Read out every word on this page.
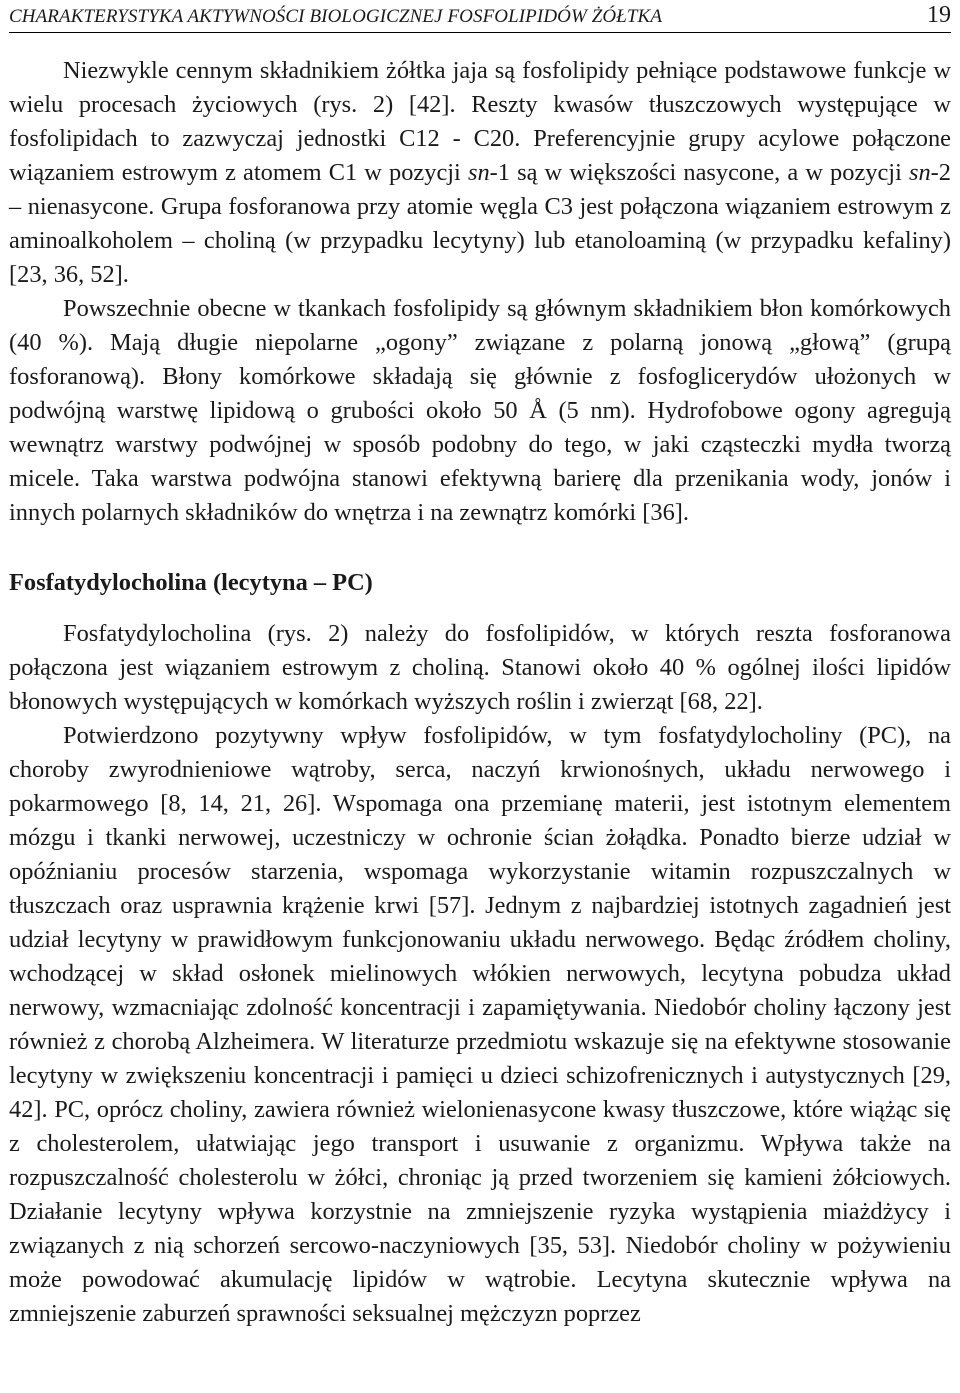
CHARAKTERYSTYKA AKTYWNOŚCI BIOLOGICZNEJ FOSFOLIPIDÓW ŻÓŁTKA	19

Niezwykle cennym składnikiem żółtka jaja są fosfolipidy pełniące podstawowe funkcje w wielu procesach życiowych (rys. 2) [42]. Reszty kwasów tłuszczowych występujące w fosfolipidach to zazwyczaj jednostki C12 - C20. Preferencyjnie grupy acylowe połączone wiązaniem estrowym z atomem C1 w pozycji sn-1 są w większości nasycone, a w pozycji sn-2 – nienasycone. Grupa fosforanowa przy atomie węgla C3 jest połączona wiązaniem estrowym z aminoalkoholem – choliną (w przypadku lecytyny) lub etanoloaminą (w przypadku kefaliny) [23, 36, 52].

Powszechnie obecne w tkankach fosfolipidy są głównym składnikiem błon komórkowych (40 %). Mają długie niepolarne „ogony” związane z polarną jonową „głową” (grupą fosforanową). Błony komórkowe składają się głównie z fosfoglicerydów ułożonych w podwójną warstwę lipidową o grubości około 50 Å (5 nm). Hydrofobowe ogony agregują wewnątrz warstwy podwójnej w sposób podobny do tego, w jaki cząsteczki mydła tworzą micele. Taka warstwa podwójna stanowi efektywną barierę dla przenikania wody, jonów i innych polarnych składników do wnętrza i na zewnątrz komórki [36].

Fosfatydylocholina (lecytyna – PC)

Fosfatydylocholina (rys. 2) należy do fosfolipidów, w których reszta fosforanowa połączona jest wiązaniem estrowym z choliną. Stanowi około 40 % ogólnej ilości lipidów błonowych występujących w komórkach wyższych roślin i zwierząt [68, 22].

Potwierdzono pozytywny wpływ fosfolipidów, w tym fosfatydylocholiny (PC), na choroby zwyrodnieniowe wątroby, serca, naczyń krwionośnych, układu nerwowego i pokarmowego [8, 14, 21, 26]. Wspomaga ona przemianę materii, jest istotnym elementem mózgu i tkanki nerwowej, uczestniczy w ochronie ścian żołądka. Ponadto bierze udział w opóźnianiu procesów starzenia, wspomaga wykorzystanie witamin rozpuszczalnych w tłuszczach oraz usprawnia krążenie krwi [57]. Jednym z najbardziej istotnych zagadnień jest udział lecytyny w prawidłowym funkcjonowaniu układu nerwowego. Będąc źródłem choliny, wchodzącej w skład osłonek mielinowych włókien nerwowych, lecytyna pobudza układ nerwowy, wzmacniając zdolność koncentracji i zapamiętywania. Niedobór choliny łączony jest również z chorobą Alzheimera. W literaturze przedmiotu wskazuje się na efektywne stosowanie lecytyny w zwiększeniu koncentracji i pamięci u dzieci schizofrenicznych i autystycznych [29, 42]. PC, oprócz choliny, zawiera również wielonienasycone kwasy tłuszczowe, które wiążąc się z cholesterolem, ułatwiając jego transport i usuwanie z organizmu. Wpływa także na rozpuszczalność cholesterolu w żółci, chroniąc ją przed tworzeniem się kamieni żółciowych. Działanie lecytyny wpływa korzystnie na zmniejszenie ryzyka wystąpienia miażdżycy i związanych z nią schorzeń sercowo-naczyniowych [35, 53]. Niedobór choliny w pożywieniu może powodować akumulację lipidów w wątrobie. Lecytyna skutecznie wpływa na zmniejszenie zaburzeń sprawności seksualnej mężczyzn poprzez
